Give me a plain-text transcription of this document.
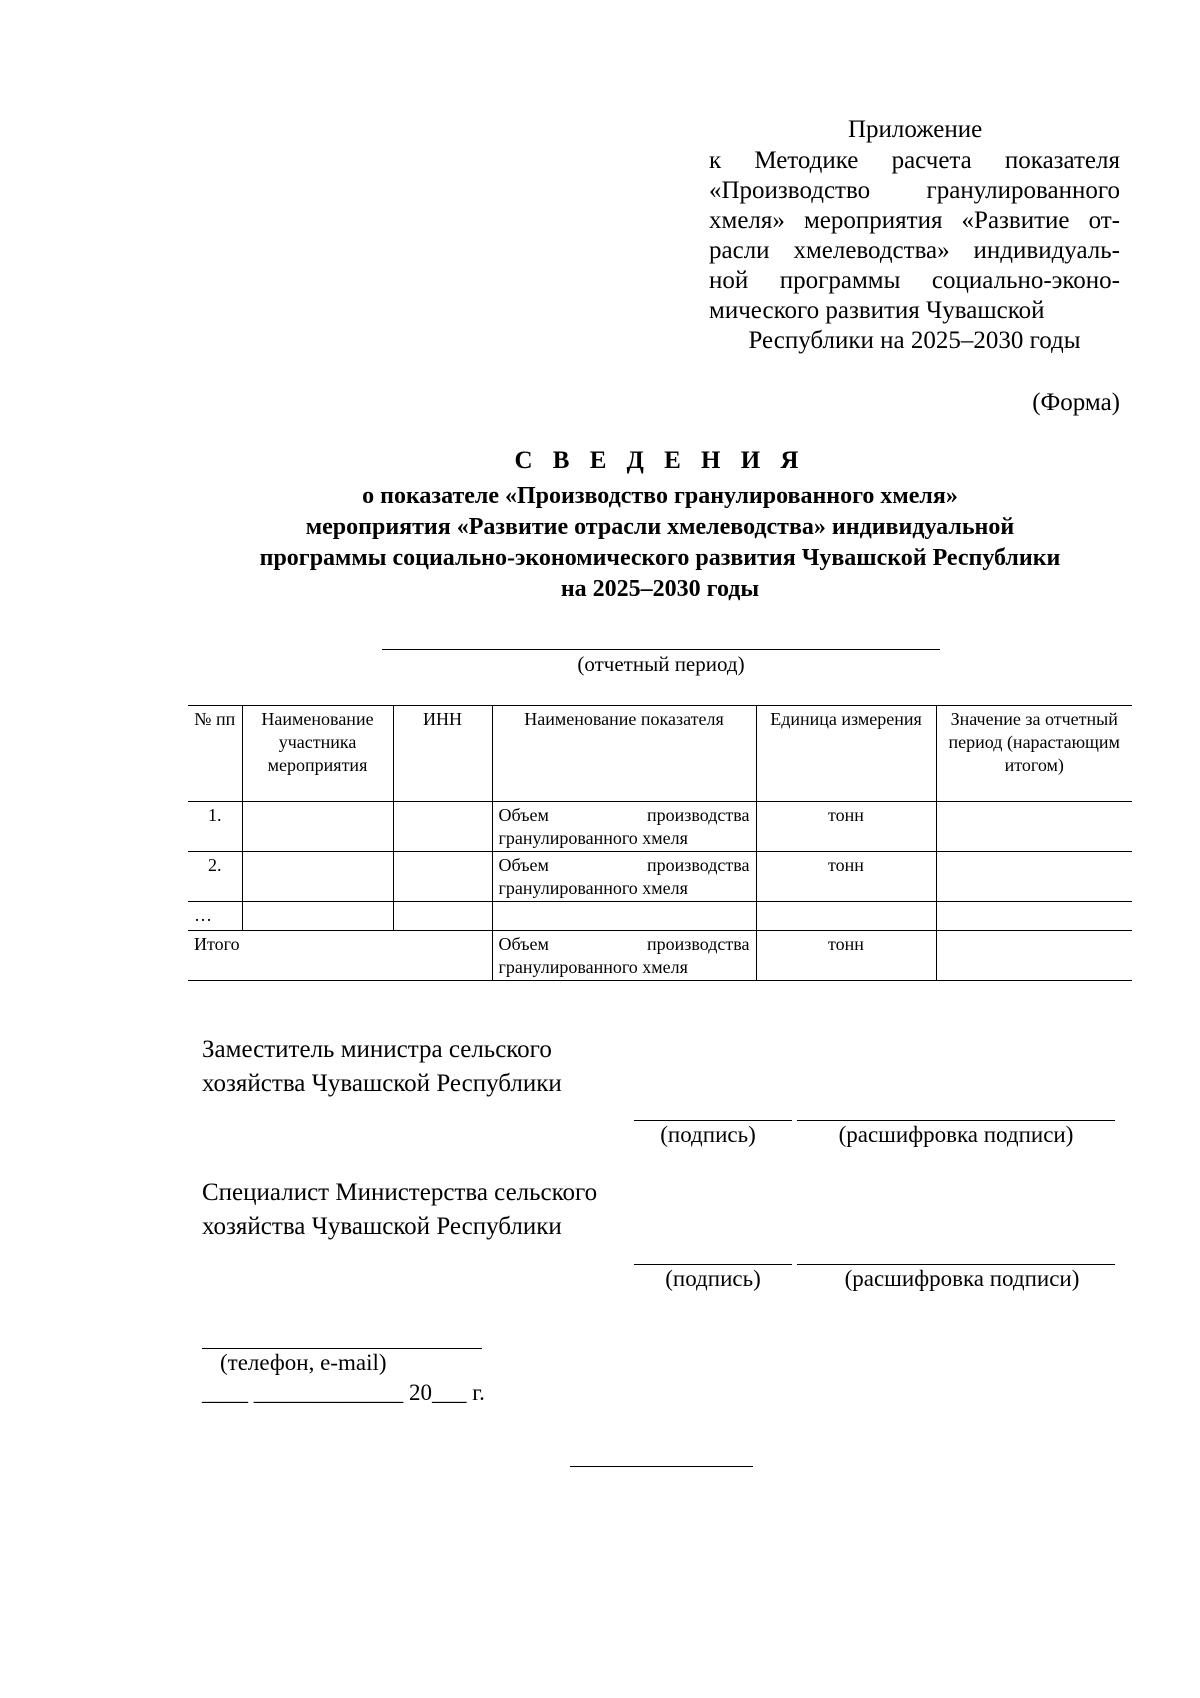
Приложение
к Методике расчета показателя «Производство гранулированного хмеля» мероприятия «Развитие от- расли хмелеводства» индивидуаль- ной программы социально-эконо- мического развития Чувашской
Республики на 2025–2030 годы
(Форма)
С В Е Д Е Н И Я
о показателе «Производство гранулированного хмеля»
мероприятия «Развитие отрасли хмелеводства» индивидуальной
программы социально-экономического развития Чувашской Республики
на 2025–2030 годы
(отчетный период)
№ пп	Наименование участника мероприятия	ИНН	Наименование показателя	Единица измерения	Значение за отчетный период (нарастающим итогом)
1.			Объем производства гранулированного хмеля	тонн	
2.			Объем производства гранулированного хмеля	тонн	
…					
Итого			Объем производства гранулированного хмеля	тонн	
Заместитель министра сельского
хозяйства Чувашской Республики
(подпись)	(расшифровка подписи)
Специалист Министерства сельского
хозяйства Чувашской Республики
(подпись)	(расшифровка подписи)
(телефон, e-mail)
____ _____________ 20___ г.
